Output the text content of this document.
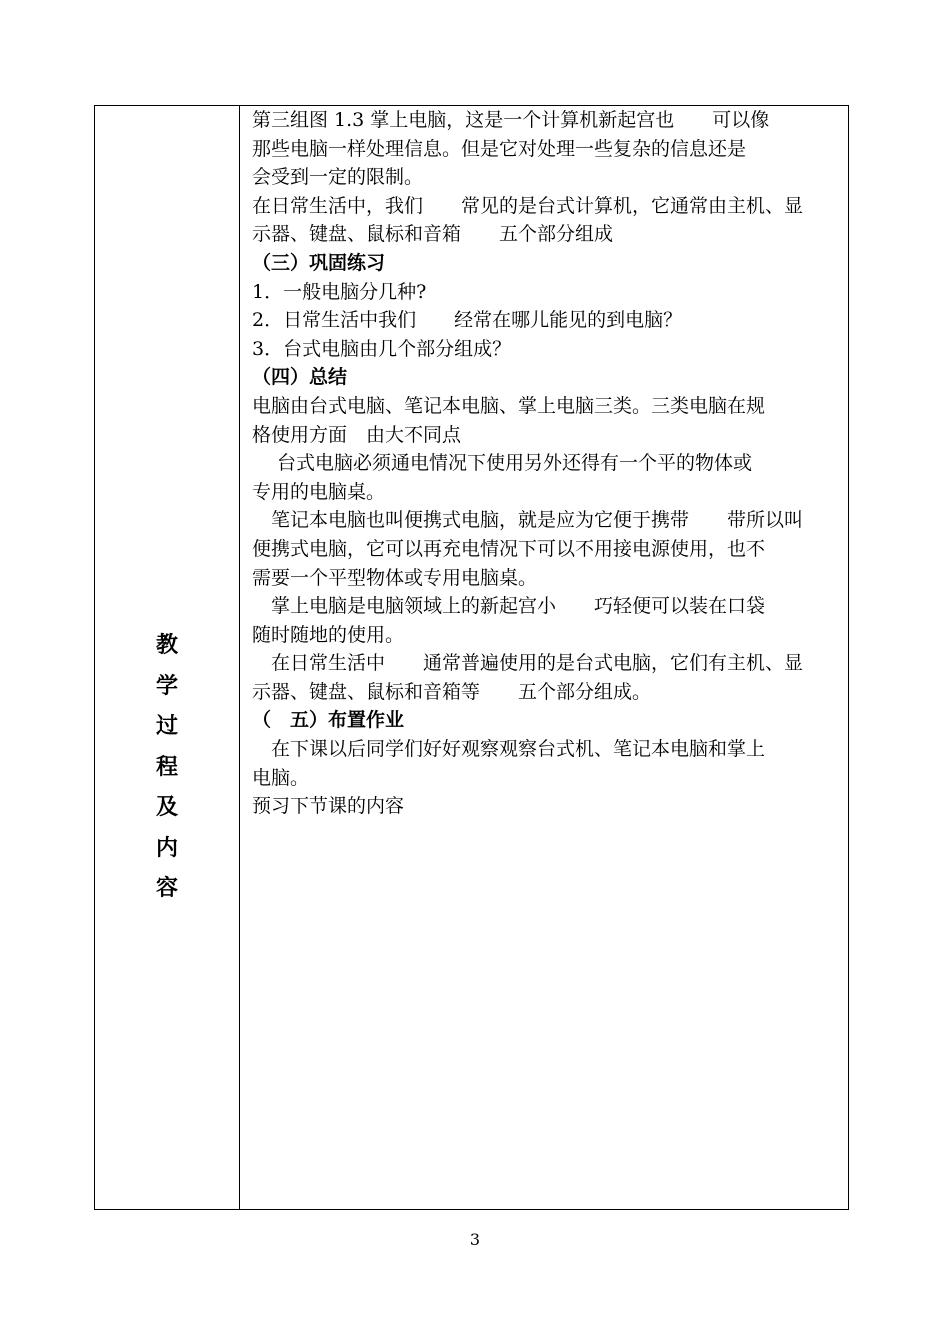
教
学
过
程
及
内
容

第三组图 1.3 掌上电脑，这是一个计算机新起宫也　　可以像

那些电脑一样处理信息。但是它对处理一些复杂的信息还是

会受到一定的限制。

在日常生活中，我们　　常见的是台式计算机，它通常由主机、显

示器、键盘、鼠标和音箱　　五个部分组成

（三）巩固练习

1．一般电脑分几种?

2．日常生活中我们　　经常在哪儿能见的到电脑？

3．台式电脑由几个部分组成？

（四）总结

电脑由台式电脑、笔记本电脑、掌上电脑三类。三类电脑在规

格使用方面　由大不同点

　 台式电脑必须通电情况下使用另外还得有一个平的物体或

专用的电脑桌。

　笔记本电脑也叫便携式电脑，就是应为它便于携带　　带所以叫

便携式电脑，它可以再充电情况下可以不用接电源使用，也不

需要一个平型物体或专用电脑桌。

　掌上电脑是电脑领域上的新起宫小　　巧轻便可以装在口袋

随时随地的使用。

　在日常生活中　　通常普遍使用的是台式电脑，它们有主机、显

示器、键盘、鼠标和音箱等　　五个部分组成。

（　五）布置作业

　在下课以后同学们好好观察观察台式机、笔记本电脑和掌上

电脑。

预习下节课的内容

3
